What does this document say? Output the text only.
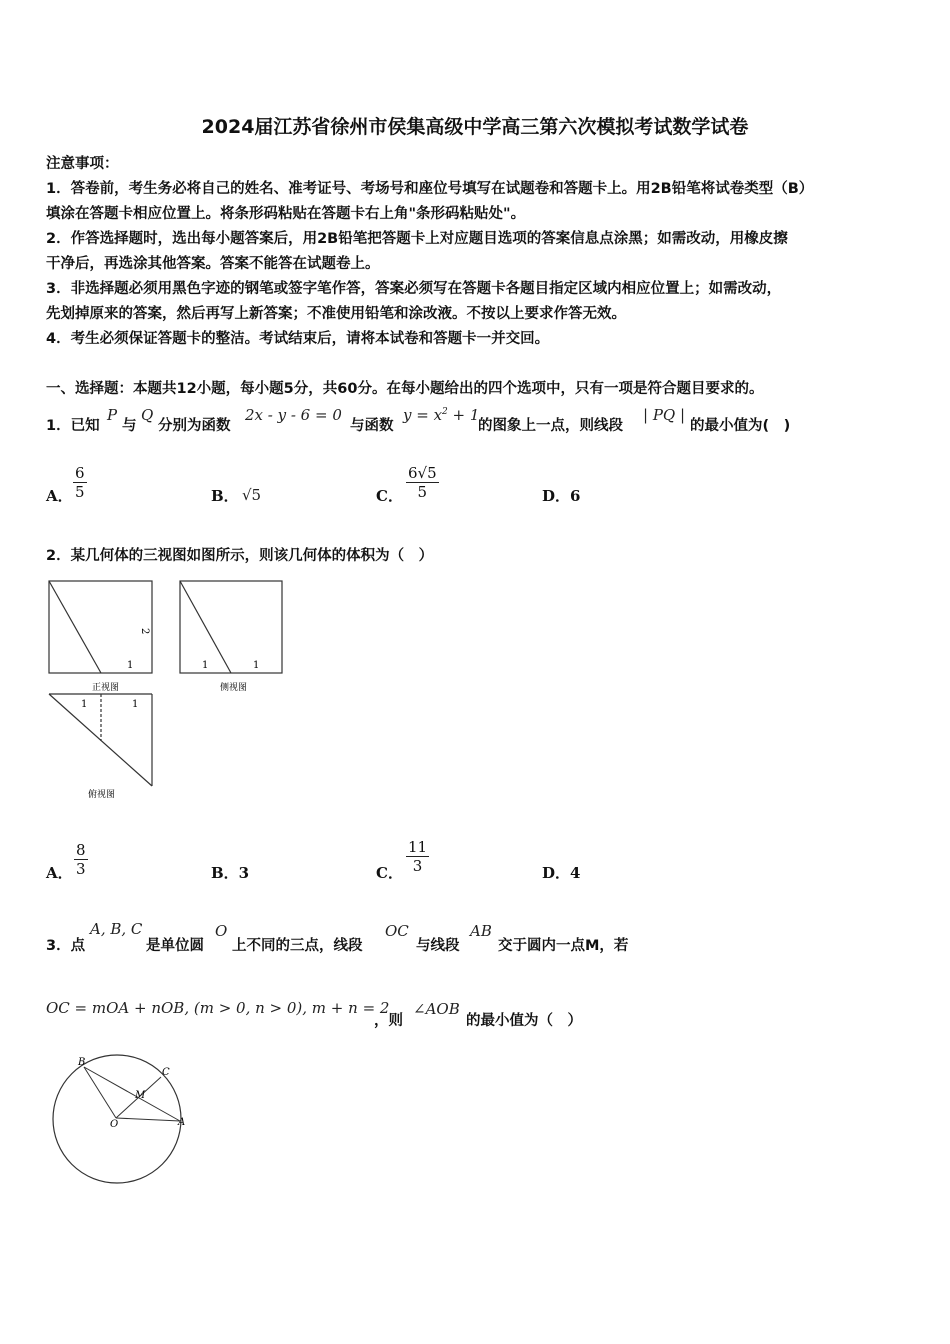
2024届江苏省徐州市侯集高级中学高三第六次模拟考试数学试卷
注意事项：
1．答卷前，考生务必将自己的姓名、准考证号、考场号和座位号填写在试题卷和答题卡上。用2B铅笔将试卷类型（B）
填涂在答题卡相应位置上。将条形码粘贴在答题卡右上角"条形码粘贴处"。
2．作答选择题时，选出每小题答案后，用2B铅笔把答题卡上对应题目选项的答案信息点涂黑；如需改动，用橡皮擦
干净后，再选涂其他答案。答案不能答在试题卷上。
3．非选择题必须用黑色字迹的钢笔或签字笔作答，答案必须写在答题卡各题目指定区域内相应位置上；如需改动，
先划掉原来的答案，然后再写上新答案；不准使用铅笔和涂改液。不按以上要求作答无效。
4．考生必须保证答题卡的整洁。考试结束后，请将本试卷和答题卡一并交回。
一、选择题：本题共12小题，每小题5分，共60分。在每小题给出的四个选项中，只有一项是符合题目要求的。
1．已知
P
与
Q
分别为函数
2x - y - 6 = 0
与函数
$y = x^2 + 1$
的图象上一点，则线段
| PQ |
的最小值为(　)
A． $\frac{6}{5}$	B． √5	C． $\frac{6√5}{5}$	D．6
2．某几何体的三视图如图所示，则该几何体的体积为（　）
2
1
正视图
1	1
侧视图
1	1
俯视图
A． $\frac{8}{3}$	B．3	C． $\frac{11}{3}$	D．4
3．点
A, B, C
是单位圆
O
上不同的三点，线段
OC
与线段
AB
交于圆内一点M，若
OC = mOA + nOB, (m > 0, n > 0), m + n = 2
，则
∠AOB
的最小值为（　）
B
C
M
O	A
